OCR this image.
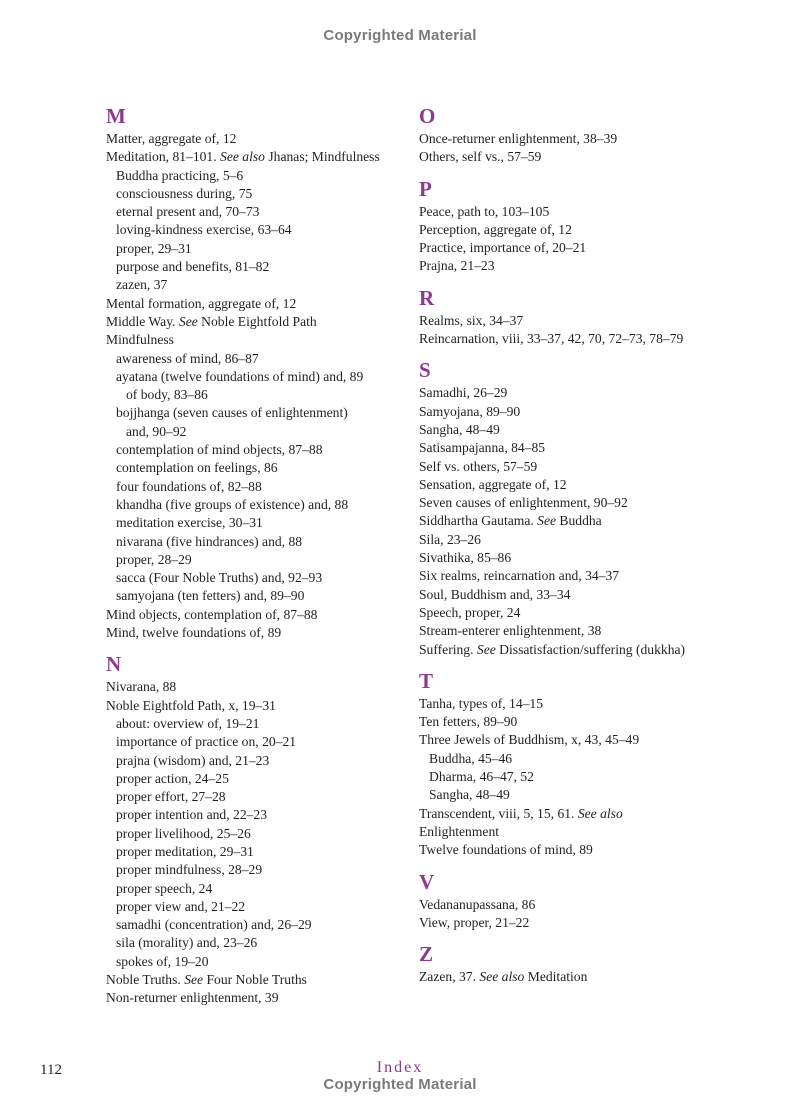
Copyrighted Material
M
Matter, aggregate of, 12
Meditation, 81–101. See also Jhanas; Mindfulness
Buddha practicing, 5–6
consciousness during, 75
eternal present and, 70–73
loving-kindness exercise, 63–64
proper, 29–31
purpose and benefits, 81–82
zazen, 37
Mental formation, aggregate of, 12
Middle Way. See Noble Eightfold Path
Mindfulness
awareness of mind, 86–87
ayatana (twelve foundations of mind) and, 89
of body, 83–86
bojjhanga (seven causes of enlightenment)
and, 90–92
contemplation of mind objects, 87–88
contemplation on feelings, 86
four foundations of, 82–88
khandha (five groups of existence) and, 88
meditation exercise, 30–31
nivarana (five hindrances) and, 88
proper, 28–29
sacca (Four Noble Truths) and, 92–93
samyojana (ten fetters) and, 89–90
Mind objects, contemplation of, 87–88
Mind, twelve foundations of, 89
N
Nivarana, 88
Noble Eightfold Path, x, 19–31
about: overview of, 19–21
importance of practice on, 20–21
prajna (wisdom) and, 21–23
proper action, 24–25
proper effort, 27–28
proper intention and, 22–23
proper livelihood, 25–26
proper meditation, 29–31
proper mindfulness, 28–29
proper speech, 24
proper view and, 21–22
samadhi (concentration) and, 26–29
sila (morality) and, 23–26
spokes of, 19–20
Noble Truths. See Four Noble Truths
Non-returner enlightenment, 39
O
Once-returner enlightenment, 38–39
Others, self vs., 57–59
P
Peace, path to, 103–105
Perception, aggregate of, 12
Practice, importance of, 20–21
Prajna, 21–23
R
Realms, six, 34–37
Reincarnation, viii, 33–37, 42, 70, 72–73, 78–79
S
Samadhi, 26–29
Samyojana, 89–90
Sangha, 48–49
Satisampajanna, 84–85
Self vs. others, 57–59
Sensation, aggregate of, 12
Seven causes of enlightenment, 90–92
Siddhartha Gautama. See Buddha
Sila, 23–26
Sivathika, 85–86
Six realms, reincarnation and, 34–37
Soul, Buddhism and, 33–34
Speech, proper, 24
Stream-enterer enlightenment, 38
Suffering. See Dissatisfaction/suffering (dukkha)
T
Tanha, types of, 14–15
Ten fetters, 89–90
Three Jewels of Buddhism, x, 43, 45–49
Buddha, 45–46
Dharma, 46–47, 52
Sangha, 48–49
Transcendent, viii, 5, 15, 61. See also
Enlightenment
Twelve foundations of mind, 89
V
Vedananupassana, 86
View, proper, 21–22
Z
Zazen, 37. See also Meditation
112	Index
Copyrighted Material
